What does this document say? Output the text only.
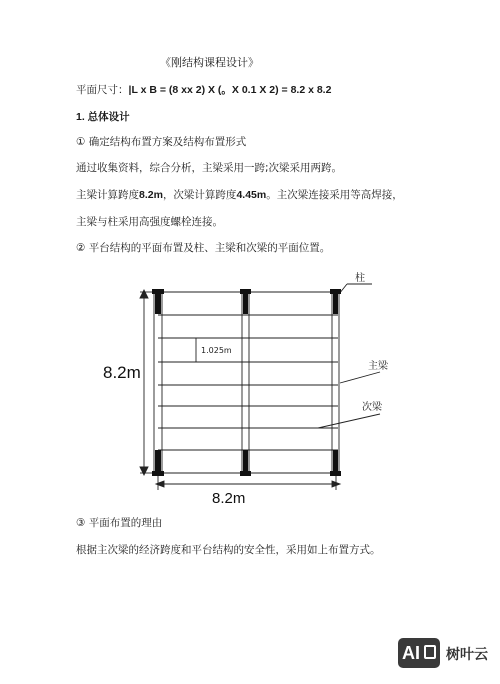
《刚结构课程设计》
平面尺寸：|L x B = (8 xx 2) X (。X 0.1 X 2) = 8.2 x 8.2
1. 总体设计
① 确定结构布置方案及结构布置形式
通过收集资料，综合分析，主梁采用一跨;次梁采用两跨。
主梁计算跨度8.2m，次梁计算跨度4.45m。主次梁连接采用等高焊接，
主梁与柱采用高强度螺栓连接。
② 平台结构的平面布置及柱、主梁和次梁的平面位置。
柱
主梁
次梁
1.025m
8.2m
8.2m
③ 平面布置的理由
根据主次梁的经济跨度和平台结构的安全性，采用如上布置方式。
AI	树叶云
